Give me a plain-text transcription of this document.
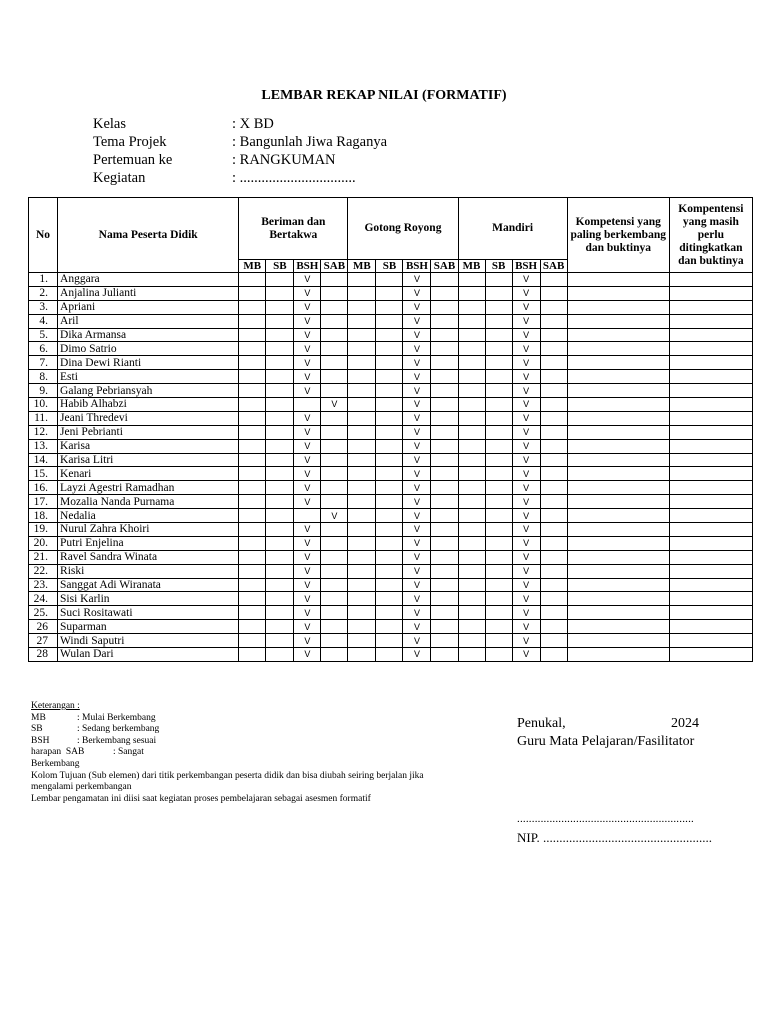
LEMBAR REKAP NILAI (FORMATIF)
Kelas	: X BD
Tema Projek	: Bangunlah Jiwa Raganya
Pertemuan ke	: RANGKUMAN
Kegiatan	: ................................
No	Nama Peserta Didik	Beriman dan Bertakwa				Gotong Royong				Mandiri				Kompetensi yang paling berkembang dan buktinya	Kompentensi yang masih perlu ditingkatkan dan buktinya
		MB	SB	BSH	SAB	MB	SB	BSH	SAB	MB	SB	BSH	SAB		
1.	Anggara			V				V				V			
2.	Anjalina Julianti			V				V				V			
3.	Apriani			V				V				V			
4.	Aril			V				V				V			
5.	Dika Armansa			V				V				V			
6.	Dimo Satrio			V				V				V			
7.	Dina Dewi Rianti			V				V				V			
8.	Esti			V				V				V			
9.	Galang Pebriansyah			V				V				V			
10.	Habib Alhabzi				V			V				V			
11.	Jeani Thredevi			V				V				V			
12.	Jeni Pebrianti			V				V				V			
13.	Karisa			V				V				V			
14.	Karisa Litri			V				V				V			
15.	Kenari			V				V				V			
16.	Layzi Agestri Ramadhan			V				V				V			
17.	Mozalia Nanda Purnama			V				V				V			
18.	Nedalia				V			V				V			
19.	Nurul Zahra Khoiri			V				V				V			
20.	Putri Enjelina			V				V				V			
21.	Ravel Sandra Winata			V				V				V			
22.	Riski			V				V				V			
23.	Sanggat Adi Wiranata			V				V				V			
24.	Sisi Karlin			V				V				V			
25.	Suci Rositawati			V				V				V			
26	Suparman			V				V				V			
27	Windi Saputri			V				V				V			
28	Wulan Dari			V				V				V			
Keterangan :
MB	: Mulai Berkembang
SB	: Sedang berkembang
BSH	: Berkembang sesuai
harapan  SAB	: Sangat
Berkembang
Kolom Tujuan (Sub elemen) dari titik perkembangan peserta didik dan bisa diubah seiring berjalan jika
mengalami perkembangan
Lembar pengamatan ini diisi saat kegiatan proses pembelajaran sebagai asesmen formatif
Penukal,	2024
Guru Mata Pelajaran/Fasilitator
............................................................
NIP. ....................................................
